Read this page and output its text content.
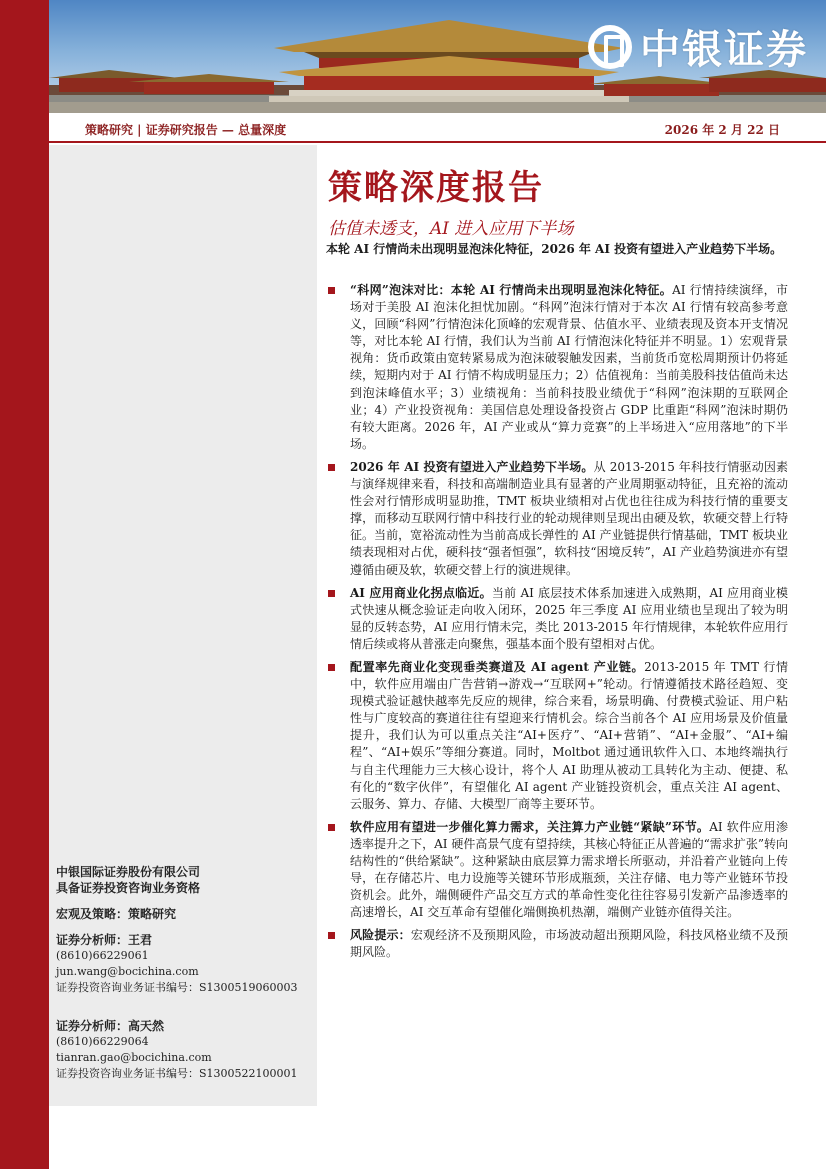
中银证券
策略研究 | 证券研究报告 — 总量深度	2026 年 2 月 22 日
中银国际证券股份有限公司
具备证券投资咨询业务资格
宏观及策略：策略研究
证券分析师：王君
(8610)66229061
jun.wang@bocichina.com
证券投资咨询业务证书编号：S1300519060003
证券分析师：高天然
(8610)66229064
tianran.gao@bocichina.com
证券投资咨询业务证书编号：S1300522100001
策略深度报告
估值未透支，AI 进入应用下半场
本轮 AI 行情尚未出现明显泡沫化特征，2026 年 AI 投资有望进入产业趋势下半场。
“科网”泡沫对比：本轮 AI 行情尚未出现明显泡沫化特征。AI 行情持续演绎，市场对于美股 AI 泡沫化担忧加剧。“科网”泡沫行情对于本次 AI 行情有较高参考意义，回顾“科网”行情泡沫化顶峰的宏观背景、估值水平、业绩表现及资本开支情况等，对比本轮 AI 行情，我们认为当前 AI 行情泡沫化特征并不明显。1）宏观背景视角：货币政策由宽转紧易成为泡沫破裂触发因素，当前货币宽松周期预计仍将延续，短期内对于 AI 行情不构成明显压力；2）估值视角：当前美股科技估值尚未达到泡沫峰值水平；3）业绩视角：当前科技股业绩优于“科网”泡沫期的互联网企业；4）产业投资视角：美国信息处理设备投资占 GDP 比重距“科网”泡沫时期仍有较大距离。2026 年，AI 产业或从“算力竞赛”的上半场进入“应用落地”的下半场。
2026 年 AI 投资有望进入产业趋势下半场。从 2013-2015 年科技行情驱动因素与演绎规律来看，科技和高端制造业具有显著的产业周期驱动特征，且充裕的流动性会对行情形成明显助推，TMT 板块业绩相对占优也往往成为科技行情的重要支撑，而移动互联网行情中科技行业的轮动规律则呈现出由硬及软，软硬交替上行特征。当前，宽裕流动性为当前高成长弹性的 AI 产业链提供行情基础，TMT 板块业绩表现相对占优，硬科技“强者恒强”，软科技“困境反转”，AI 产业趋势演进亦有望遵循由硬及软，软硬交替上行的演进规律。
AI 应用商业化拐点临近。当前 AI 底层技术体系加速进入成熟期，AI 应用商业模式快速从概念验证走向收入闭环，2025 年三季度 AI 应用业绩也呈现出了较为明显的反转态势，AI 应用行情未完，类比 2013-2015 年行情规律，本轮软件应用行情后续或将从普涨走向聚焦，强基本面个股有望相对占优。
配置率先商业化变现垂类赛道及 AI agent 产业链。2013-2015 年 TMT 行情中，软件应用端由广告营销→游戏→“互联网+”轮动。行情遵循技术路径趋短、变现模式验证越快越率先反应的规律，综合来看，场景明确、付费模式验证、用户粘性与广度较高的赛道往往有望迎来行情机会。综合当前各个 AI 应用场景及价值量提升，我们认为可以重点关注“AI+医疗”、“AI+营销”、“AI+金服”、“AI+编程”、“AI+娱乐”等细分赛道。同时，Moltbot 通过通讯软件入口、本地终端执行与自主代理能力三大核心设计，将个人 AI 助理从被动工具转化为主动、便捷、私有化的“数字伙伴”，有望催化 AI agent 产业链投资机会，重点关注 AI agent、云服务、算力、存储、大模型厂商等主要环节。
软件应用有望进一步催化算力需求，关注算力产业链“紧缺”环节。AI 软件应用渗透率提升之下，AI 硬件高景气度有望持续，其核心特征正从普遍的“需求扩张”转向结构性的“供给紧缺”。这种紧缺由底层算力需求增长所驱动，并沿着产业链向上传导，在存储芯片、电力设施等关键环节形成瓶颈，关注存储、电力等产业链环节投资机会。此外，端侧硬件产品交互方式的革命性变化往往容易引发新产品渗透率的高速增长，AI 交互革命有望催化端侧换机热潮，端侧产业链亦值得关注。
风险提示：宏观经济不及预期风险，市场波动超出预期风险，科技风格业绩不及预期风险。
